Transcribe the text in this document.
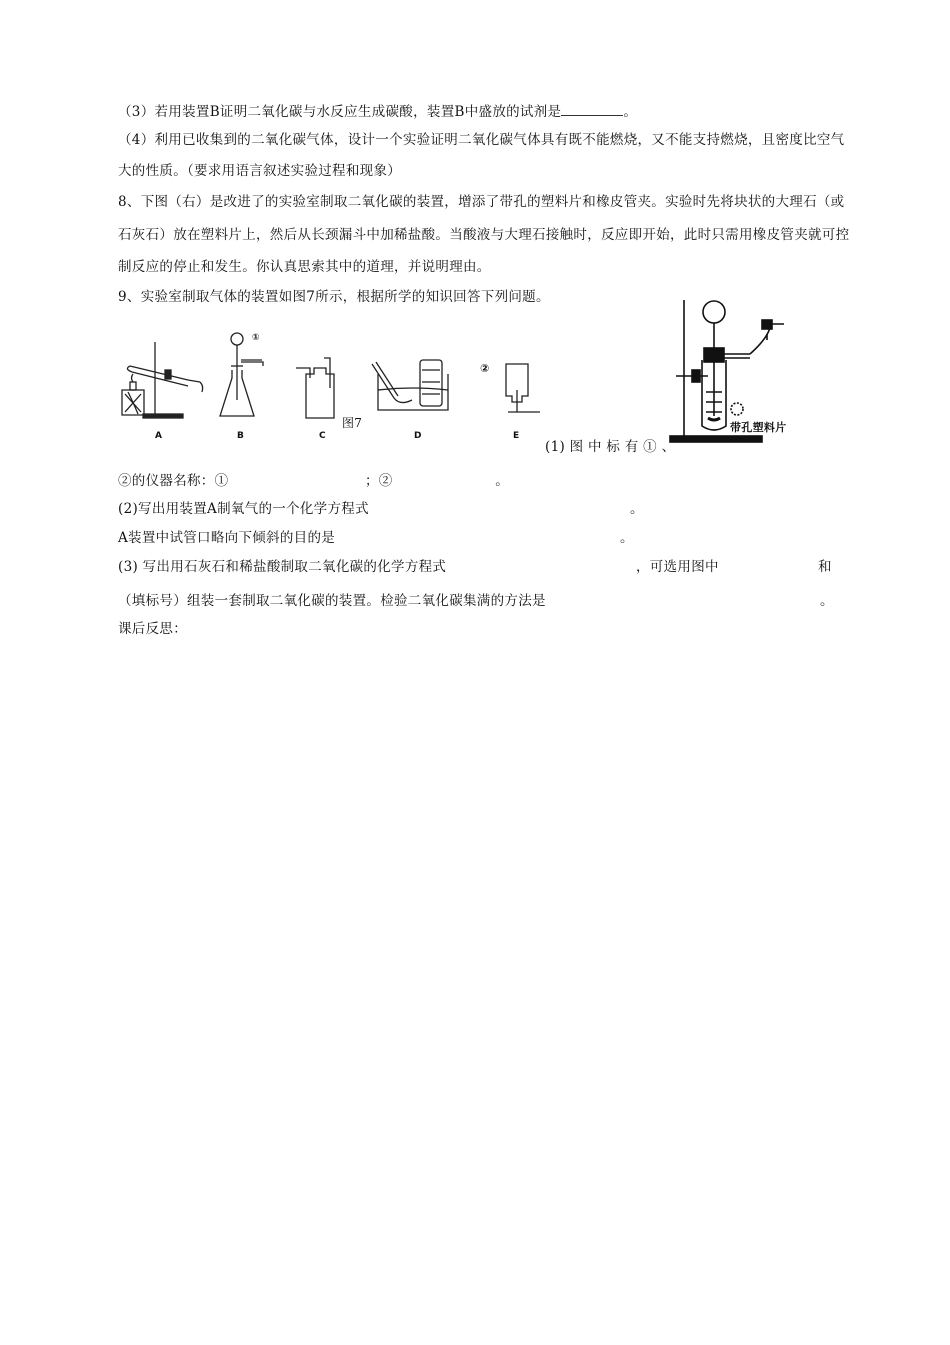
（3）若用装置B证明二氧化碳与水反应生成碳酸，装置B中盛放的试剂是	。
（4）利用已收集到的二氧化碳气体，设计一个实验证明二氧化碳气体具有既不能燃烧，又不能支持燃烧，且密度比空气
大的性质。（要求用语言叙述实验过程和现象）
8、下图（右）是改进了的实验室制取二氧化碳的装置，增添了带孔的塑料片和橡皮管夹。实验时先将块状的大理石（或
石灰石）放在塑料片上，然后从长颈漏斗中加稀盐酸。当酸液与大理石接触时，反应即开始，此时只需用橡皮管夹就可控
制反应的停止和发生。你认真思索其中的道理，并说明理由。
9、实验室制取气体的装置如图7所示，根据所学的知识回答下列问题。
①
②
A	B	C	D	E
图7	带孔塑料片
(1) 图 中 标 有 ① 、
②的仪器名称：①	；②	。
(2)写出用装置A制氧气的一个化学方程式	。
A装置中试管口略向下倾斜的目的是	。
(3) 写出用石灰石和稀盐酸制取二氧化碳的化学方程式	，可选用图中	和
（填标号）组装一套制取二氧化碳的装置。检验二氧化碳集满的方法是	。
课后反思：
